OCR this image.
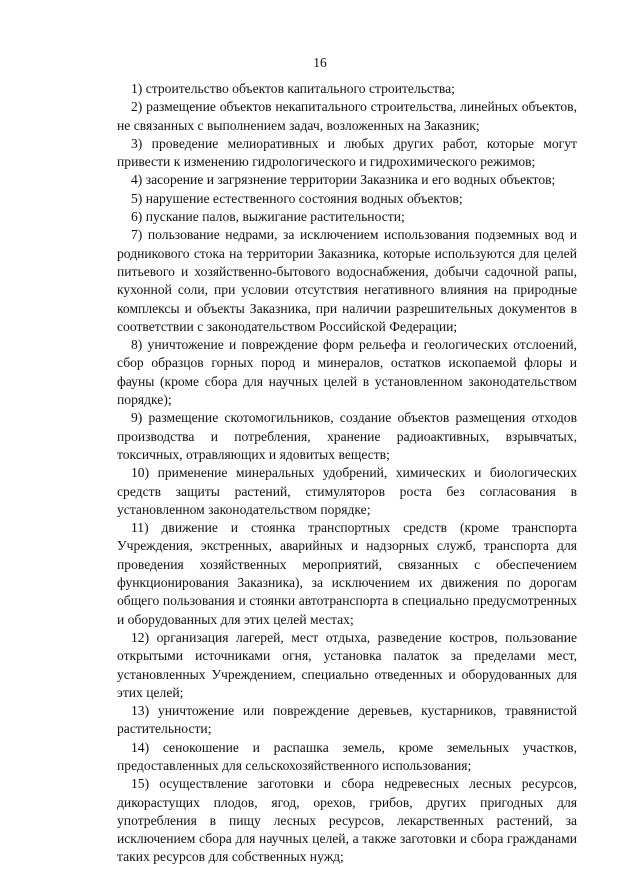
16

1) строительство объектов капитального строительства;

2) размещение объектов некапитального строительства, линейных объектов, не связанных с выполнением задач, возложенных на Заказник;

3) проведение мелиоративных и любых других работ, которые могут привести к изменению гидрологического и гидрохимического режимов;

4) засорение и загрязнение территории Заказника и его водных объектов;

5) нарушение естественного состояния водных объектов;

6) пускание палов, выжигание растительности;

7) пользование недрами, за исключением использования подземных вод и родникового стока на территории Заказника, которые используются для целей питьевого и хозяйственно-бытового водоснабжения, добычи садочной рапы, кухонной соли, при условии отсутствия негативного влияния на природные комплексы и объекты Заказника, при наличии разрешительных документов в соответствии с законодательством Российской Федерации;

8) уничтожение и повреждение форм рельефа и геологических отслоений, сбор образцов горных пород и минералов, остатков ископаемой флоры и фауны (кроме сбора для научных целей в установленном законодательством порядке);

9) размещение скотомогильников, создание объектов размещения отходов производства и потребления, хранение радиоактивных, взрывчатых, токсичных, отравляющих и ядовитых веществ;

10) применение минеральных удобрений, химических и биологических средств защиты растений, стимуляторов роста без согласования в установленном законодательством порядке;

11) движение и стоянка транспортных средств (кроме транспорта Учреждения, экстренных, аварийных и надзорных служб, транспорта для проведения хозяйственных мероприятий, связанных с обеспечением функционирования Заказника), за исключением их движения по дорогам общего пользования и стоянки автотранспорта в специально предусмотренных и оборудованных для этих целей местах;

12) организация лагерей, мест отдыха, разведение костров, пользование открытыми источниками огня, установка палаток за пределами мест, установленных Учреждением, специально отведенных и оборудованных для этих целей;

13) уничтожение или повреждение деревьев, кустарников, травянистой растительности;

14) сенокошение и распашка земель, кроме земельных участков, предоставленных для сельскохозяйственного использования;

15) осуществление заготовки и сбора недревесных лесных ресурсов, дикорастущих плодов, ягод, орехов, грибов, других пригодных для употребления в пищу лесных ресурсов, лекарственных растений, за исключением сбора для научных целей, а также заготовки и сбора гражданами таких ресурсов для собственных нужд;
